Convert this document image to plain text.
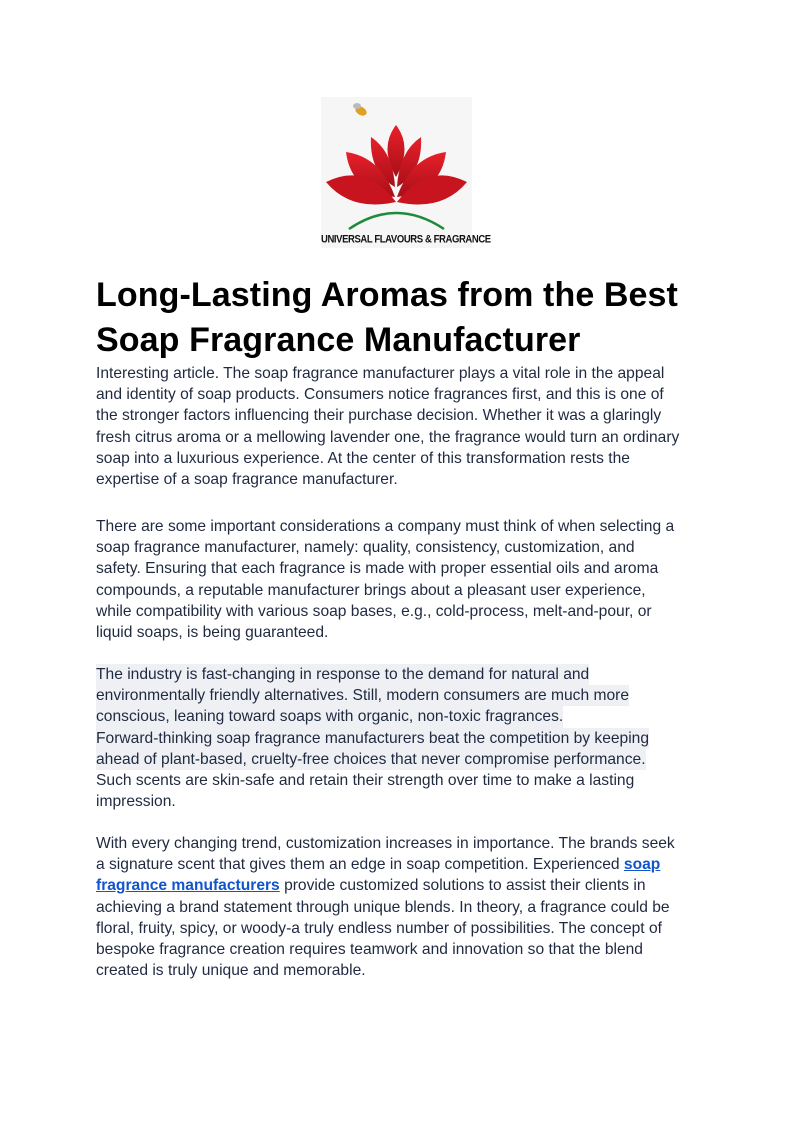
UNIVERSAL FLAVOURS & FRAGRANCE
Long-Lasting Aromas from the Best
Soap Fragrance Manufacturer
Interesting article. The soap fragrance manufacturer plays a vital role in the appeal
and identity of soap products. Consumers notice fragrances first, and this is one of
the stronger factors influencing their purchase decision. Whether it was a glaringly
fresh citrus aroma or a mellowing lavender one, the fragrance would turn an ordinary
soap into a luxurious experience. At the center of this transformation rests the
expertise of a soap fragrance manufacturer.
There are some important considerations a company must think of when selecting a
soap fragrance manufacturer, namely: quality, consistency, customization, and
safety. Ensuring that each fragrance is made with proper essential oils and aroma
compounds, a reputable manufacturer brings about a pleasant user experience,
while compatibility with various soap bases, e.g., cold-process, melt-and-pour, or
liquid soaps, is being guaranteed.
The industry is fast-changing in response to the demand for natural and
environmentally friendly alternatives. Still, modern consumers are much more
conscious, leaning toward soaps with organic, non-toxic fragrances.
Forward-thinking soap fragrance manufacturers beat the competition by keeping
ahead of plant-based, cruelty-free choices that never compromise performance.
Such scents are skin-safe and retain their strength over time to make a lasting
impression.
With every changing trend, customization increases in importance. The brands seek
a signature scent that gives them an edge in soap competition. Experienced soap
fragrance manufacturers provide customized solutions to assist their clients in
achieving a brand statement through unique blends. In theory, a fragrance could be
floral, fruity, spicy, or woody-a truly endless number of possibilities. The concept of
bespoke fragrance creation requires teamwork and innovation so that the blend
created is truly unique and memorable.
